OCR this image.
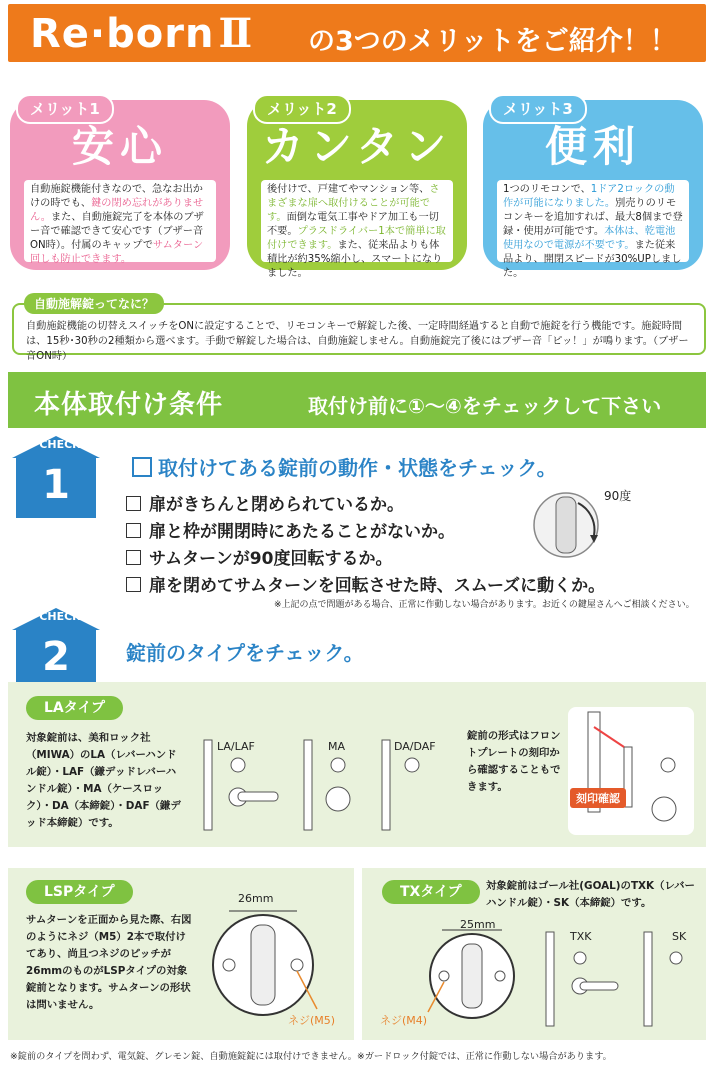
Re·born Ⅱ の3つのメリットをご紹介！！
メリット1
安心

自動施錠機能付きなので、急なお出かけの時でも、鍵の閉め忘れがありません。また、自動施錠完了を本体のブザー音で確認できて安心です（ブザー音ON時）。付属のキャップでサムターン回しも防止できます。

メリット2
カンタン

後付けで、戸建てやマンション等、さまざまな扉へ取付けることが可能です。面倒な電気工事やドア加工も一切不要。プラスドライバー1本で簡単に取付けできます。また、従来品よりも体積比が約35%縮小し、スマートになりました。

メリット3
便利

1つのリモコンで、1ドア2ロックの動作が可能になりました。別売りのリモコンキーを追加すれば、最大8個まで登録・使用が可能です。本体は、乾電池使用なので電源が不要です。また従来品より、開閉スピードが30%UPしました。

自動施解錠ってなに？
自動施錠機能の切替えスイッチをONに設定することで、リモコンキーで解錠した後、一定時間経過すると自動で施錠を行う機能です。施錠時間は、15秒･30秒の2種類から選べます。手動で解錠した場合は、自動施錠しません。自動施錠完了後にはブザー音「ピッ！」が鳴ります。（ブザー音ON時）
本体取付け条件	取付け前に①～④をチェックして下さい
CHECK
1	取付けてある錠前の動作・状態をチェック。
扉がきちんと閉められているか。
扉と枠が開閉時にあたることがないか。
サムターンが90度回転するか。
扉を閉めてサムターンを回転させた時、スムーズに動くか。
90度
※上記の点で問題がある場合、正常に作動しない場合があります。お近くの鍵屋さんへご相談ください。
CHECK
2	錠前のタイプをチェック。
LAタイプ
対象錠前は、美和ロック社（MIWA）のLA（レバーハンドル錠）・LAF（鎌デッドレバーハンドル錠）・MA（ケースロック）・DA（本締錠）・DAF（鎌デッド本締錠）です。
LA/LAF	MA	DA/DAF
錠前の形式はフロントプレートの刻印から確認することもできます。
刻印確認
LSPタイプ
サムターンを正面から見た際、右図のようにネジ（M5）2本で取付けてあり、尚且つネジのピッチが26mmのものがLSPタイプの対象錠前となります。サムターンの形状は問いません。
26mm
ネジ(M5)
TXタイプ	対象錠前はゴール社(GOAL)のTXK（レバーハンドル錠）・SK（本締錠）です。
25mm
ネジ(M4)
TXK	SK
※錠前のタイプを問わず、電気錠、グレモン錠、自動施錠錠には取付けできません。※ガードロック付錠では、正常に作動しない場合があります。
